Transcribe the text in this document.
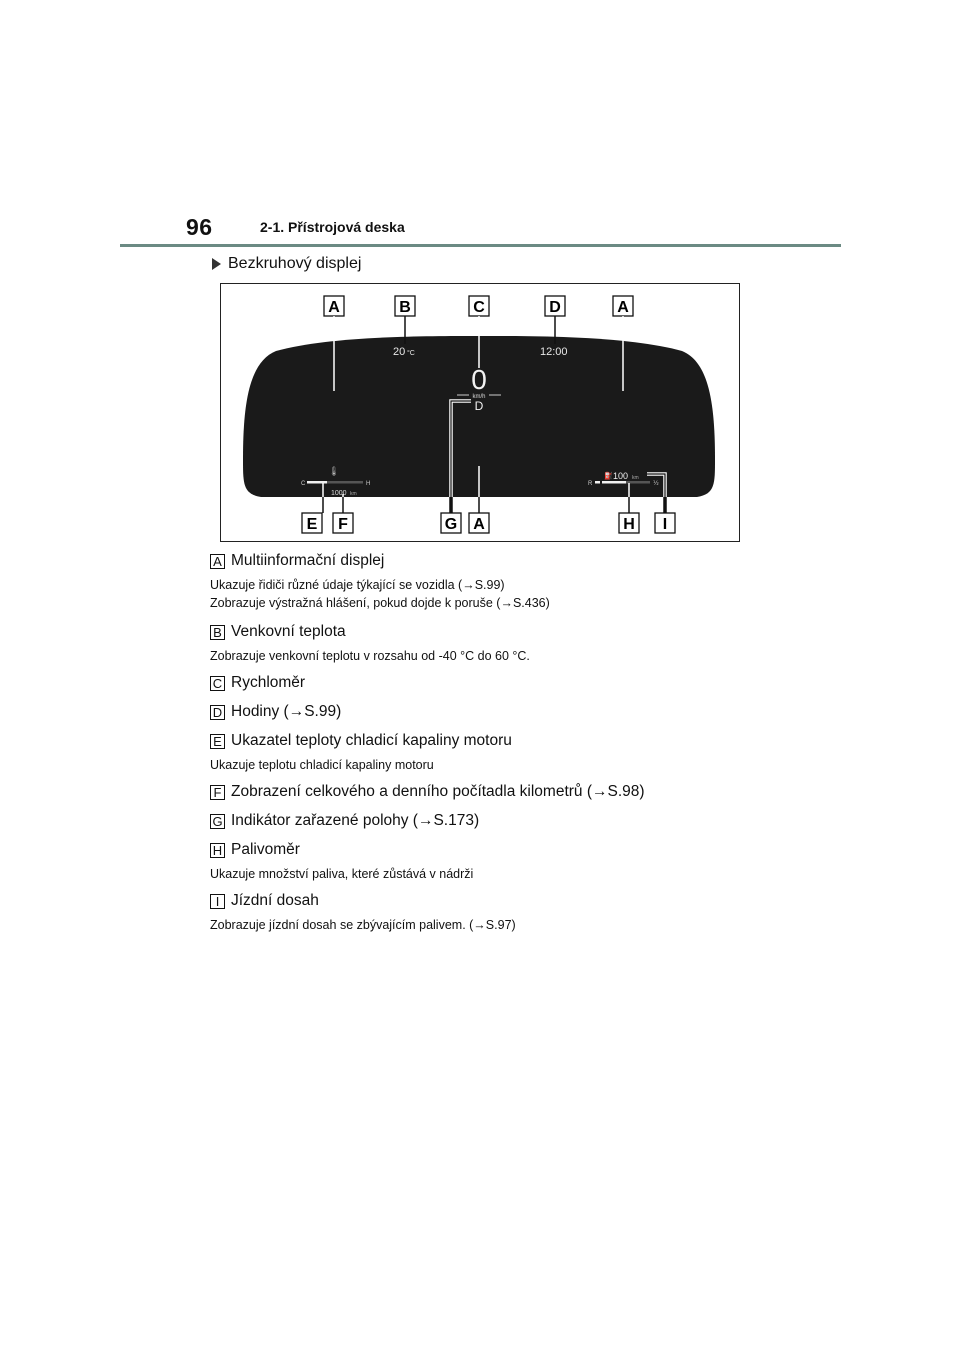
96	2-1. Přístrojová deska
Bezkruhový displej
A	B	C	D	A
20 °C	12:00
0
km/h
D
🌡
C	H
1000 km
⛽ 100 km
R	½
E F	G A	H I
A Multiinformační displej
Ukazuje řidiči různé údaje týkající se vozidla (→S.99)
Zobrazuje výstražná hlášení, pokud dojde k poruše (→S.436)
B Venkovní teplota
Zobrazuje venkovní teplotu v rozsahu od -40 °C do 60 °C.
C Rychloměr
D Hodiny (→S.99)
E Ukazatel teploty chladicí kapaliny motoru
Ukazuje teplotu chladicí kapaliny motoru
F Zobrazení celkového a denního počítadla kilometrů (→S.98)
G Indikátor zařazené polohy (→S.173)
H Palivoměr
Ukazuje množství paliva, které zůstává v nádrži
I Jízdní dosah
Zobrazuje jízdní dosah se zbývajícím palivem. (→S.97)
